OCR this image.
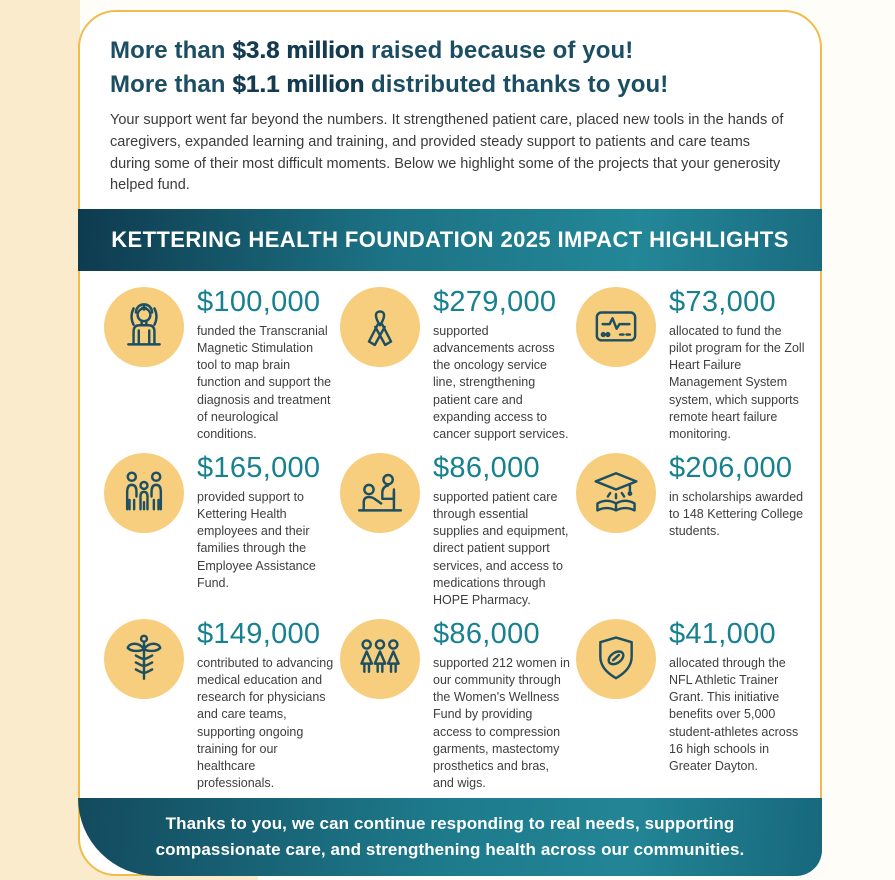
More than $3.8 million raised because of you!
More than $1.1 million distributed thanks to you!

Your support went far beyond the numbers. It strengthened patient care, placed new tools in the hands of caregivers, expanded learning and training, and provided steady support to patients and care teams during some of their most difficult moments. Below we highlight some of the projects that your generosity helped fund.

KETTERING HEALTH FOUNDATION 2025 IMPACT HIGHLIGHTS
$100,000
funded the Transcranial Magnetic Stimulation tool to map brain function and support the diagnosis and treatment of neurological conditions.
$279,000
supported advancements across the oncology service line, strengthening patient care and expanding access to cancer support services.
$73,000
allocated to fund the pilot program for the Zoll Heart Failure Management System system, which supports remote heart failure monitoring.
$165,000
provided support to Kettering Health employees and their families through the Employee Assistance Fund.
$86,000
supported patient care through essential supplies and equipment, direct patient support services, and access to medications through HOPE Pharmacy.
$206,000
in scholarships awarded to 148 Kettering College students.
$149,000
contributed to advancing medical education and research for physicians and care teams, supporting ongoing training for our healthcare professionals.
$86,000
supported 212 women in our community through the Women's Wellness Fund by providing access to compression garments, mastectomy prosthetics and bras, and wigs.
$41,000
allocated through the NFL Athletic Trainer Grant. This initiative benefits over 5,000 student-athletes across 16 high schools in Greater Dayton.
Thanks to you, we can continue responding to real needs, supporting compassionate care, and strengthening health across our communities.
